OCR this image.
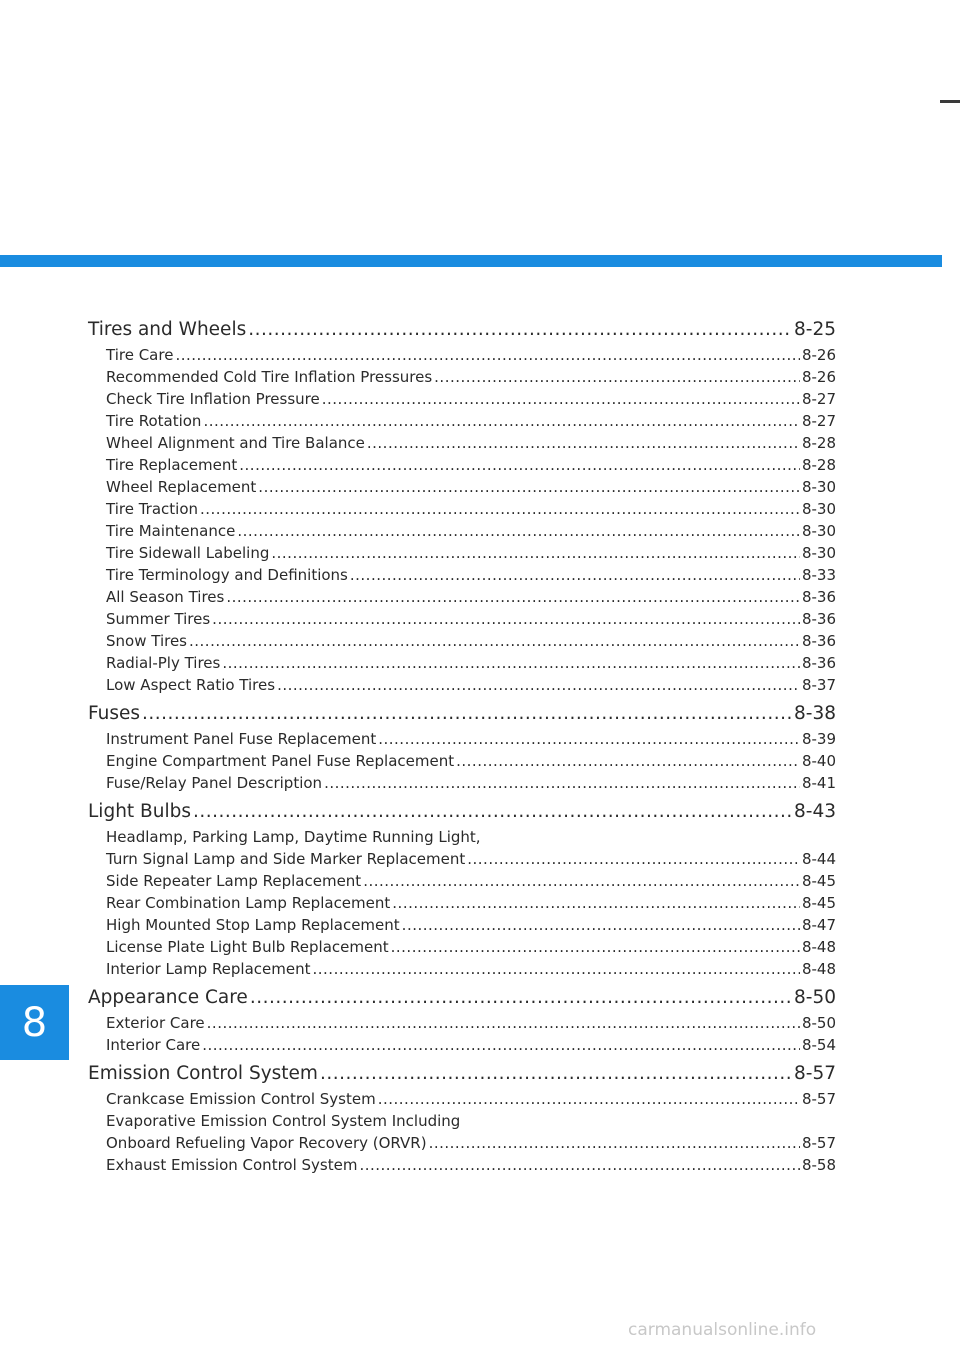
8
Tires and Wheels .....	8-25
Tire Care .....	8-26
Recommended Cold Tire Inflation Pressures .....	8-26
Check Tire Inflation Pressure .....	8-27
Tire Rotation .....	8-27
Wheel Alignment and Tire Balance .....	8-28
Tire Replacement .....	8-28
Wheel Replacement .....	8-30
Tire Traction .....	8-30
Tire Maintenance .....	8-30
Tire Sidewall Labeling .....	8-30
Tire Terminology and Definitions .....	8-33
All Season Tires .....	8-36
Summer Tires .....	8-36
Snow Tires .....	8-36
Radial-Ply Tires .....	8-36
Low Aspect Ratio Tires .....	8-37
Fuses .....	8-38
Instrument Panel Fuse Replacement .....	8-39
Engine Compartment Panel Fuse Replacement .....	8-40
Fuse/Relay Panel Description .....	8-41
Light Bulbs .....	8-43
Headlamp, Parking Lamp, Daytime Running Light,
Turn Signal Lamp and Side Marker Replacement .....	8-44
Side Repeater Lamp Replacement .....	8-45
Rear Combination Lamp Replacement .....	8-45
High Mounted Stop Lamp Replacement .....	8-47
License Plate Light Bulb Replacement .....	8-48
Interior Lamp Replacement .....	8-48
Appearance Care .....	8-50
Exterior Care .....	8-50
Interior Care .....	8-54
Emission Control System .....	8-57
Crankcase Emission Control System .....	8-57
Evaporative Emission Control System Including
Onboard Refueling Vapor Recovery (ORVR) .....	8-57
Exhaust Emission Control System .....	8-58
carmanualsonline.info
